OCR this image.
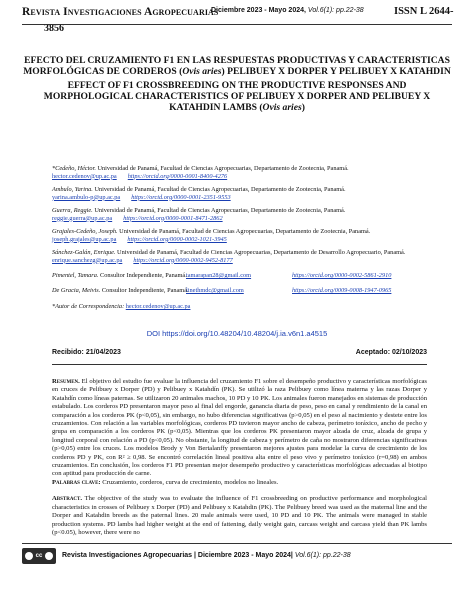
Revista Investigaciones Agropecuarias
Diciembre 2023 - Mayo 2024, Vol.6(1): pp.22-38	ISSN L 2644-
3856
EFECTO DEL CRUZAMIENTO F1 EN LAS RESPUESTAS PRODUCTIVAS Y CARACTERISTICAS MORFOLÓGICAS DE CORDEROS (Ovis aries) PELIBUEY X DORPER Y PELIBUEY X KATAHDIN
EFFECT OF F1 CROSSBREEDING ON THE PRODUCTIVE RESPONSES AND MORPHOLOGICAL CHARACTERISTICS OF PELIBUEY X DORPER AND PELIBUEY X KATAHDIN LAMBS (Ovis aries)
*Cedeño, Héctor. Universidad de Panamá, Facultad de Ciencias Agropecuarias, Departamento de Zootecnia, Panamá.
hector.cedenov@up.ac.pa https://orcid.org/0000-0001-8400-4276
Ambulo, Yarina. Universidad de Panamá, Facultad de Ciencias Agropecuarias, Departamento de Zootecnia, Panamá.
yarina.ambulo-p@up.ac.pa https://orcid.org/0000-0001-2351-9553
Guerra, Reggie. Universidad de Panamá, Facultad de Ciencias Agropecuarias, Departamento de Zootecnia, Panamá.
reggie.guerra@up.ac.pa https://orcid.org/0000-0001-8471-2862
Grajales-Cedeño, Joseph. Universidad de Panamá, Facultad de Ciencias Agropecuarias, Departamento de Zootecnia, Panamá.
joseph.grajales@up.ac.pa https://orcid.org/0000-0002-1021-3945
Sánchez-Galán, Enrique. Universidad de Panamá, Facultad de Ciencias Agropecuarias, Departamento de Desarrollo Agropecuario, Panamá.
enrique.sanchezg@up.ac.pa https://orcid.org/0000-0002-9452-8177
Pimentel, Tamara. Consultor Independiente, Panamá. tamarapan28@gmail.com	https://orcid.org/0000-0002-5861-2910
De Gracia, Meivis. Consultor Independiente, Panamá.
linethmdc@gmail.com	https://orcid.org/0009-0008-1947-0965
*Autor de Correspondencia: hector.cedenov@up.ac.pa
DOI https://doi.org/10.48204/10.48204/j.ia.v6n1.a4515
Recibido: 21/04/2023	Aceptado: 02/10/2023

Resumen. El objetivo del estudio fue evaluar la influencia del cruzamiento F1 sobre el desempeño productivo y características morfológicas en cruces de Pelibuey x Dorper (PD) y Pelibuey x Katahdín (PK). Se utilizó la raza Pelibuey como línea materna y las razas Dorper y Katahdín como líneas paternas. Se utilizaron 20 animales machos, 10 PD y 10 PK. Los animales fueron manejados en sistemas de producción estabulado. Los corderos PD presentaron mayor peso al final del engorde, ganancia diaria de peso, peso en canal y rendimiento de la canal en comparación a los corderos PK (p<0,05), sin embargo, no hubo diferencias significativas (p>0,05) en el peso al nacimiento y destete entre los cruzamientos. Con relación a las variables morfológicas, corderos PD tuvieron mayor ancho de cabeza, perímetro toráxico, ancho de pecho y grupa en comparación a los corderos PK (p<0,05). Mientras que los corderos PK presentaron mayor alzada de cruz, alzada de grupa y longitud corporal con relación a PD (p<0,05). No obstante, la longitud de cabeza y perímetro de caña no mostraron diferencias significativas (p>0,05) entre los cruces. Los modelos Brody y Von Bertalanffy presentaron mejores ajustes para modelar la curva de crecimiento de los corderos PD y PK, con R² ≥ 0,98. Se encontró correlación lineal positiva alta entre el peso vivo y perímetro toráxico (r=0,98) en ambos cruzamientos. En conclusión, los corderos F1 PD presentan mejor desempeño productivo y características morfológicas adecuadas al biotipo con aptitud para producción de carne.

Palabras clave: Cruzamiento, corderos, curva de crecimiento, modelos no lineales.

Abstract. The objective of the study was to evaluate the influence of F1 crossbreeding on productive performance and morphological characteristics in crosses of Pelibuey x Dorper (PD) and Pelibuey x Katahdin (PK). The Pelibuey breed was used as the maternal line and the Dorper and Katahdin breeds as the paternal lines. 20 male animals were used, 10 PD and 10 PK. The animals were managed in stable production systems. PD lambs had higher weight at the end of fattening, daily weight gain, carcass weight and carcass yield than PK lambs (p<0.05), however, there were no

cc	Revista Investigaciones Agropecuarias | Diciembre 2023 - Mayo 2024| Vol.6(1): pp.22-38
